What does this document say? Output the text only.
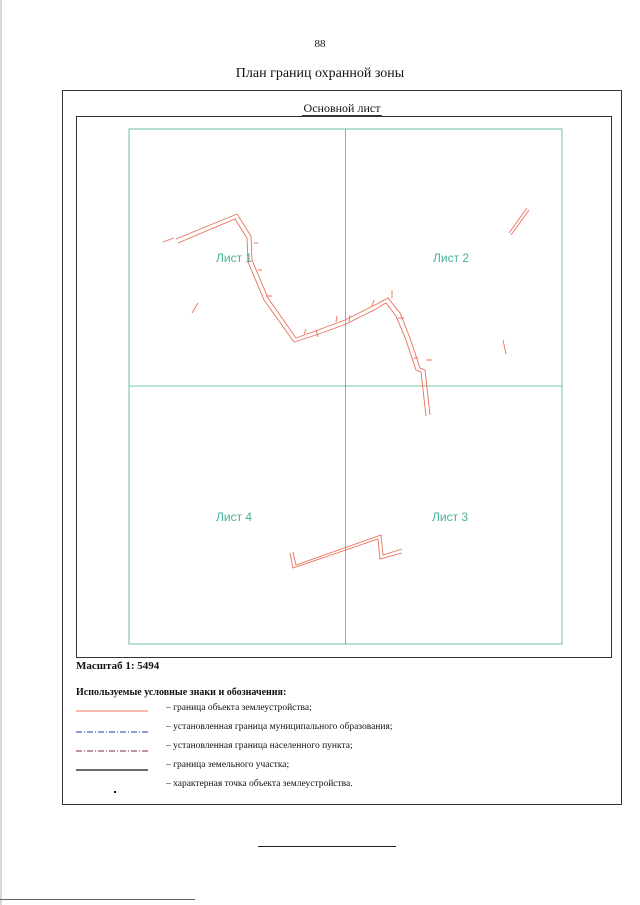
88
План границ охранной зоны
Основной лист
Лист 1	Лист 2
Лист 3
Лист 4
Масштаб 1: 5494
Используемые условные знаки и обозначения:
– граница объекта землеустройства;
– установленная граница муниципального образования;
– установленная граница населенного пункта;
– граница земельного участка;
– характерная точка объекта землеустройства.
